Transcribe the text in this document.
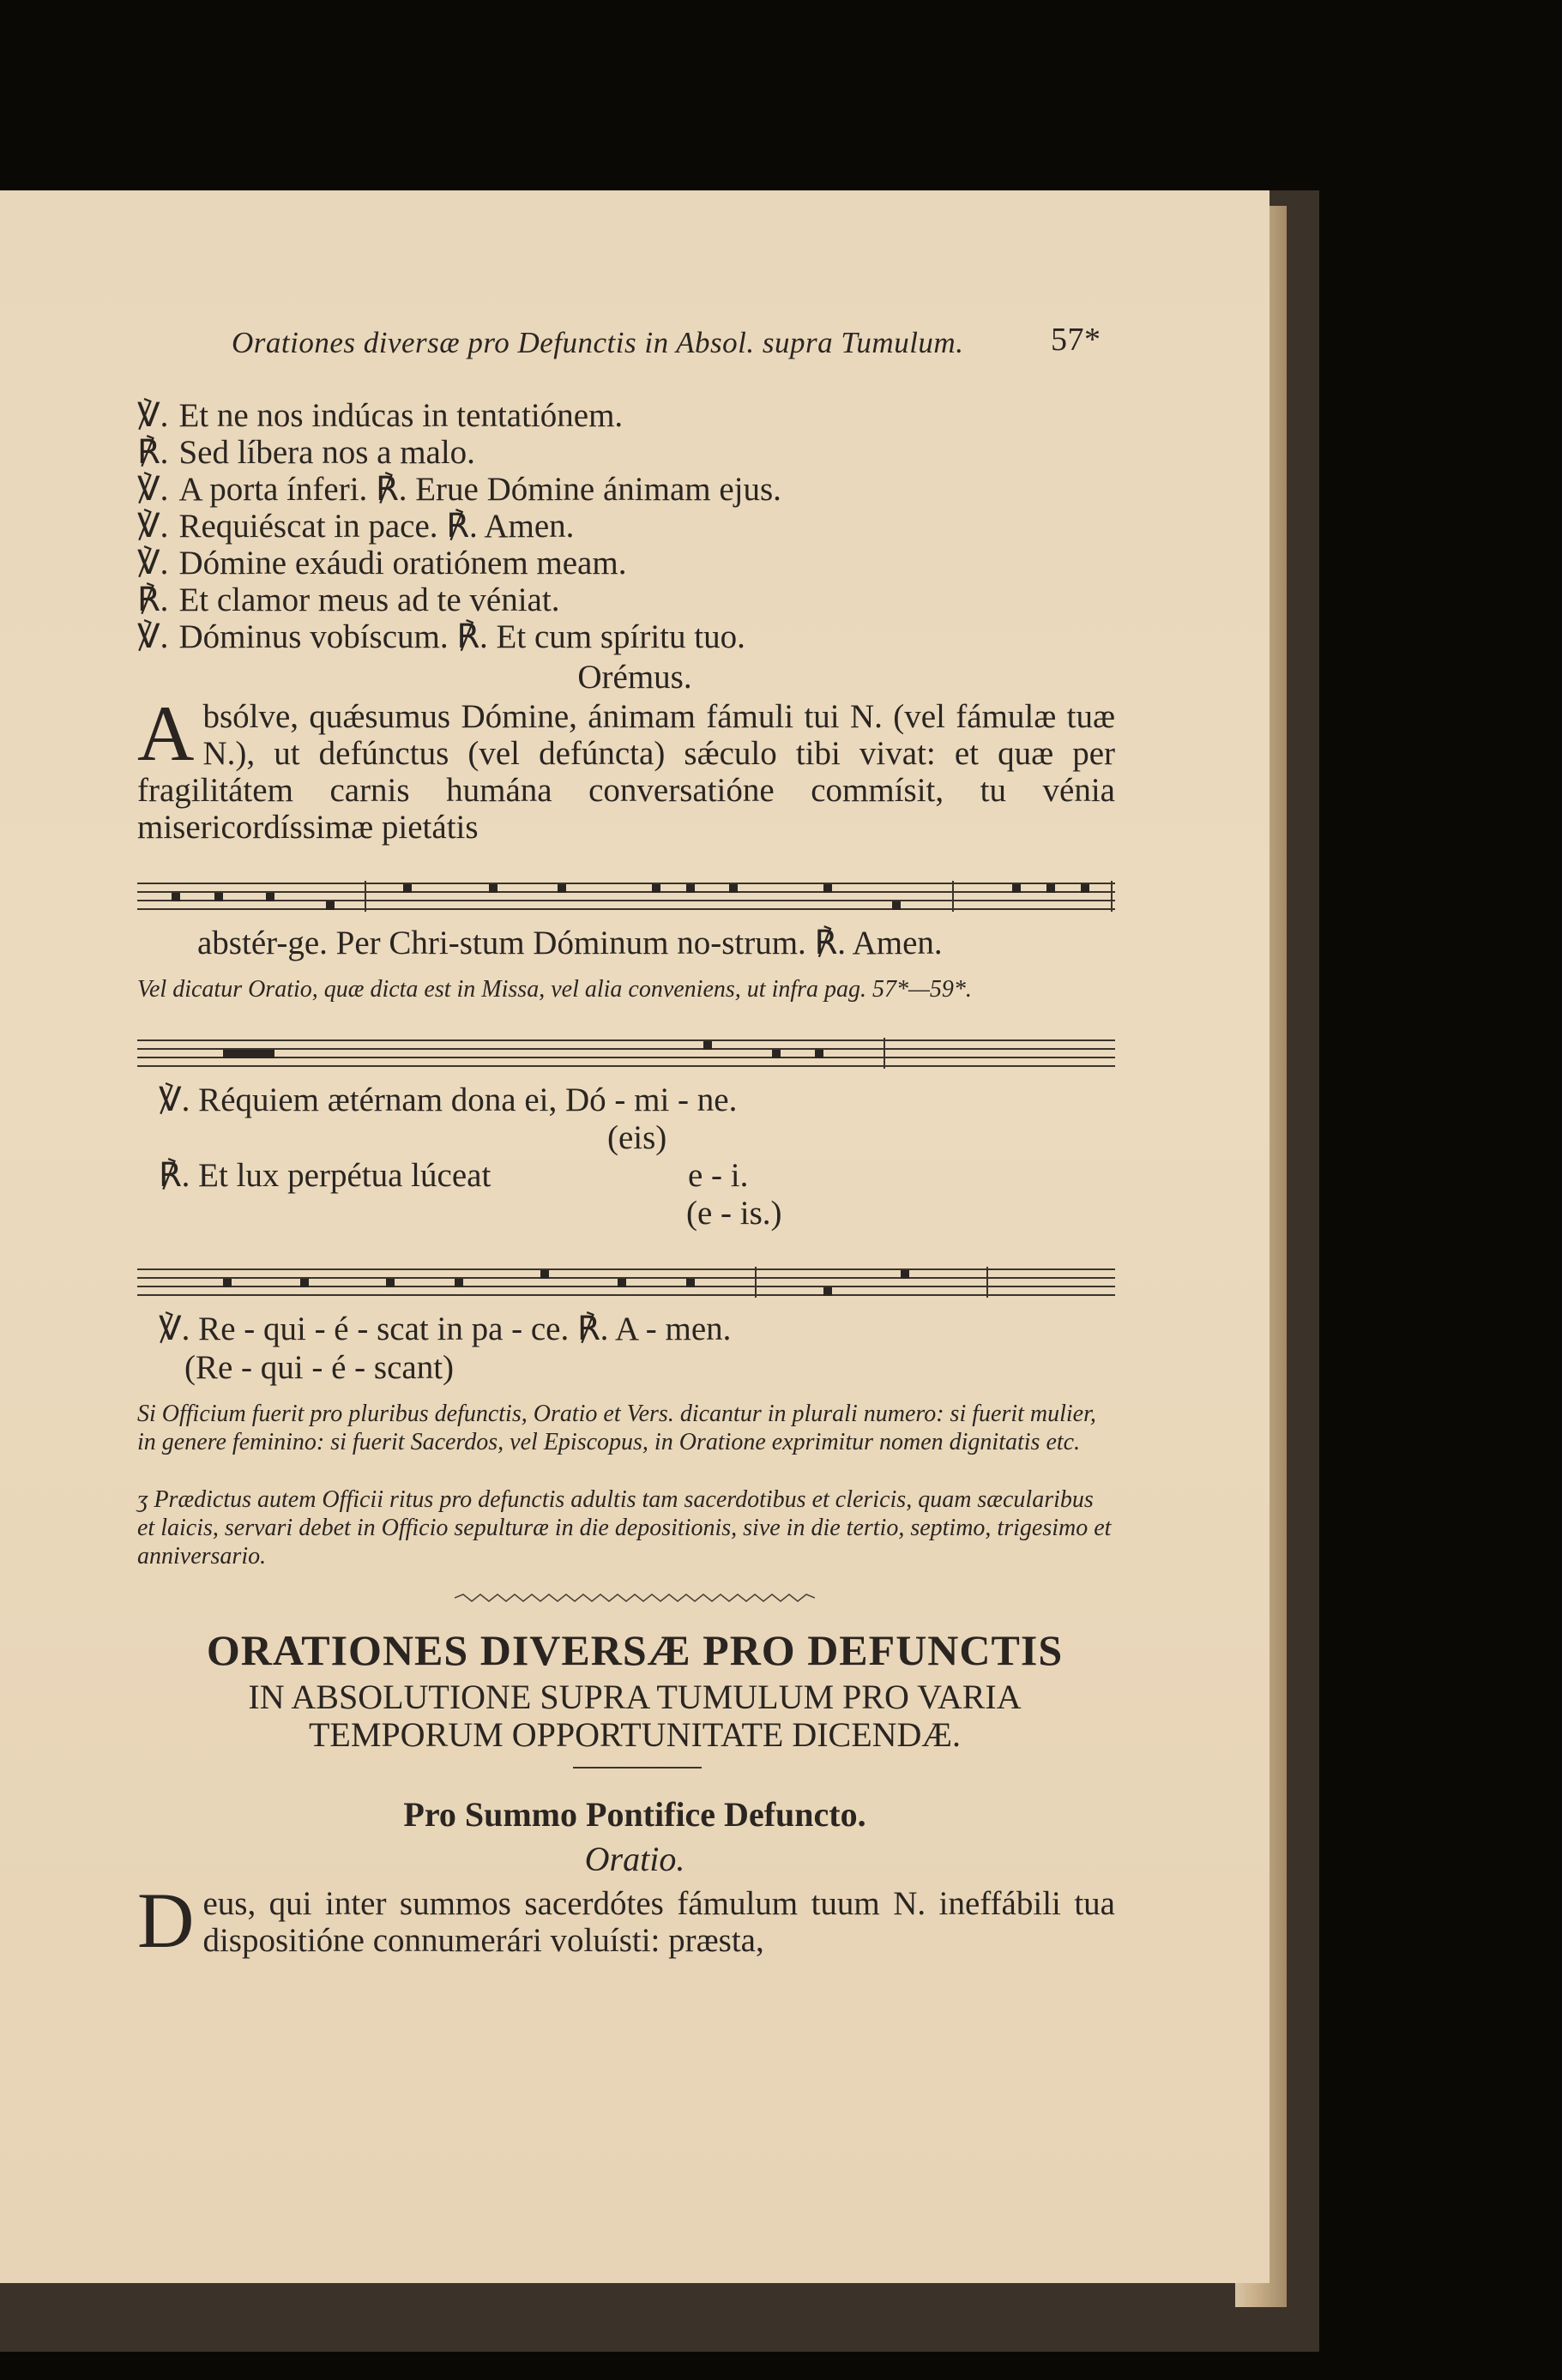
Orationes diversæ pro Defunctis in Absol. supra Tumulum.	57*
℣. Et ne nos indúcas in tentatiónem.
℟. Sed líbera nos a malo.
℣. A porta ínferi. ℟. Erue Dómine ánimam ejus.
℣. Requiéscat in pace. ℟. Amen.
℣. Dómine exáudi oratiónem meam.
℟. Et clamor meus ad te véniat.
℣. Dóminus vobíscum. ℟. Et cum spíritu tuo.
Orémus.
Absólve, quǽsumus Dómine, ánimam fámuli tui N. (vel fámulæ tuæ N.), ut defúnctus (vel defúncta) sǽculo tibi vivat: et quæ per fragilitátem carnis humána conversatióne commísit, tu vénia misericordíssimæ pietátis
abstér-ge. Per Chri-stum Dóminum no-strum. ℟. Amen.
Vel dicatur Oratio, quæ dicta est in Missa, vel alia conveniens, ut infra pag. 57*—59*.
℣. Réquiem ætérnam dona ei, Dó - mi - ne.
(eis)
℟. Et lux perpétua lúceat	e - i.
(e - is.)
℣. Re - qui - é - scat in pa - ce. ℟. A - men.
(Re - qui - é - scant)
Si Officium fuerit pro pluribus defunctis, Oratio et Vers. dicantur in plurali numero: si fuerit mulier, in genere feminino: si fuerit Sacerdos, vel Episcopus, in Oratione exprimitur nomen dignitatis etc.
ʒ Prædictus autem Officii ritus pro defunctis adultis tam sacerdotibus et clericis, quam sæcularibus et laicis, servari debet in Officio sepulturæ in die depositionis, sive in die tertio, septimo, trigesimo et anniversario.
ORATIONES DIVERSÆ PRO DEFUNCTIS
IN ABSOLUTIONE SUPRA TUMULUM PRO VARIA
TEMPORUM OPPORTUNITATE DICENDÆ.
Pro Summo Pontifice Defuncto.
Oratio.
Deus, qui inter summos sacerdótes fámulum tuum N. ineffábili tua dispositióne connumerári voluísti: præsta,
